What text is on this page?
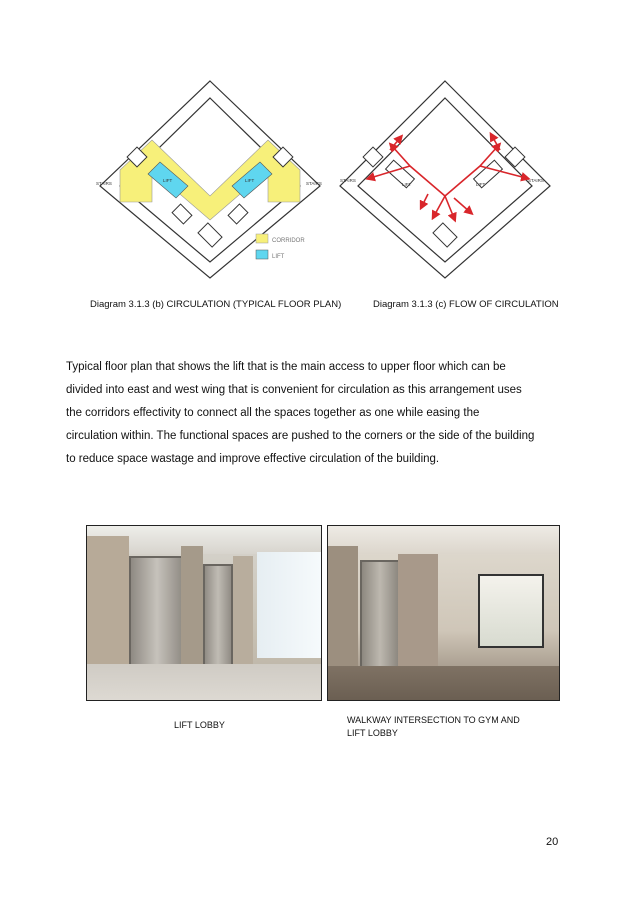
STAIRS	STAIRS
LIFT	LIFT
CORRIDOR
LIFT
STAIRS	STAIRS
LIFT	LIFT
Diagram 3.1.3 (b) CIRCULATION (TYPICAL FLOOR PLAN)	Diagram 3.1.3 (c) FLOW OF CIRCULATION
Typical floor plan that shows the lift that is the main access to upper floor which can be
divided into east and west wing that is convenient for circulation as this arrangement uses
the corridors effectivity to connect all the spaces together as one while easing the
circulation within. The functional spaces are pushed to the corners or the side of the building
to reduce space wastage and improve effective circulation of the building.
LIFT LOBBY	WALKWAY INTERSECTION TO GYM AND
LIFT LOBBY
20
